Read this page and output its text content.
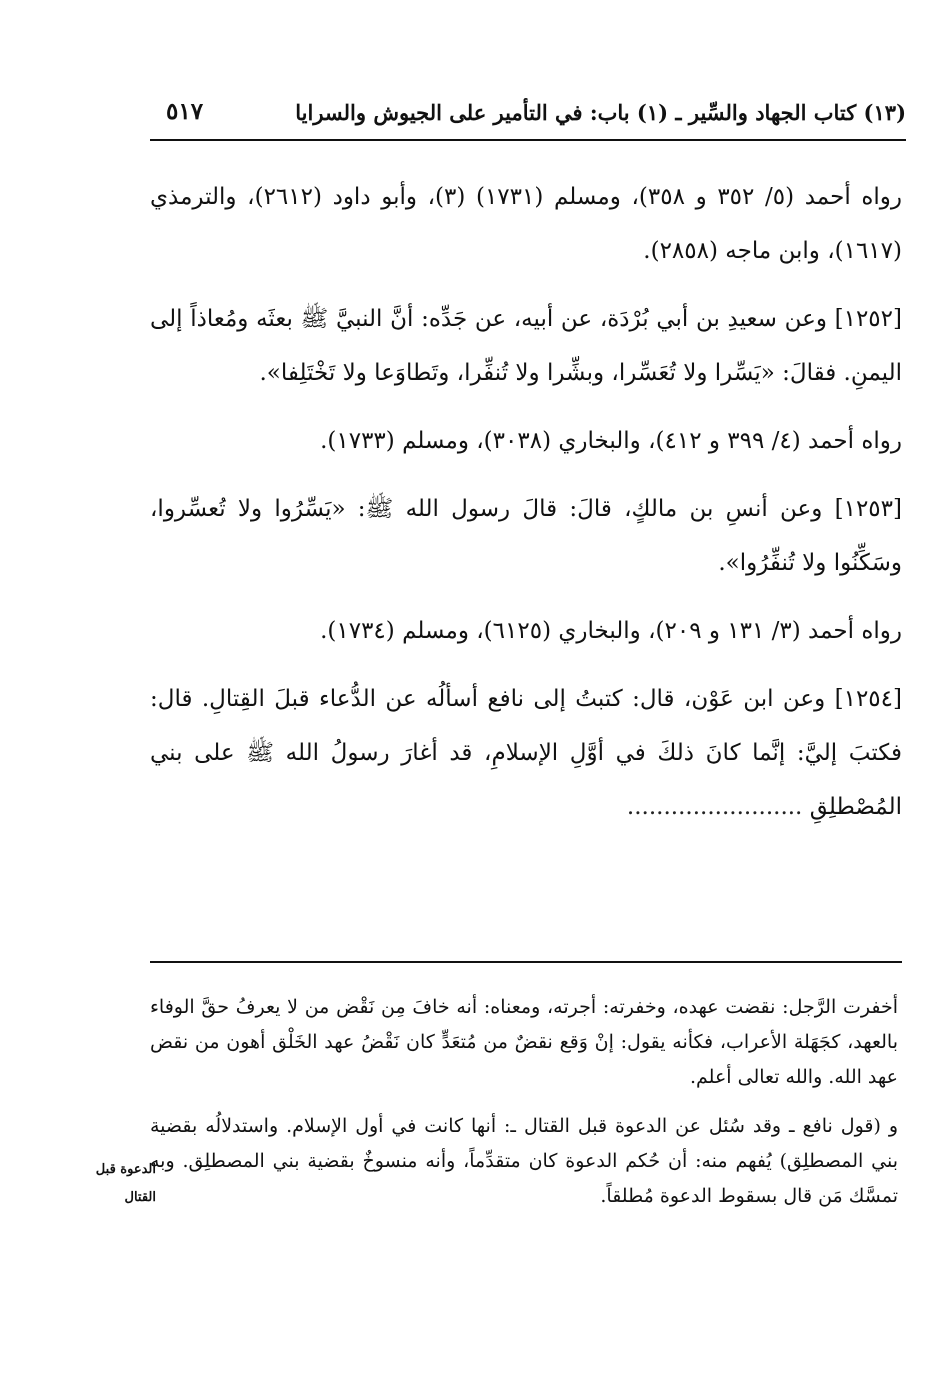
(١٣) كتاب الجهاد والسِّير ـ (١) باب: في التأمير على الجيوش والسرايا
٥١٧

رواه أحمد (٥/ ٣٥٢ و ٣٥٨)، ومسلم (١٧٣١) (٣)، وأبو داود (٢٦١٢)، والترمذي (١٦١٧)، وابن ماجه (٢٨٥٨).

[١٢٥٢] وعن سعيدِ بن أبي بُرْدَة، عن أبيه، عن جَدِّه: أنَّ النبيَّ ﷺ بعثَه ومُعاذاً إلى اليمنِ. فقالَ: «يَسِّرا ولا تُعَسِّرا، وبشِّرا ولا تُنفِّرا، وتَطاوَعا ولا تَخْتَلِفا».

رواه أحمد (٤/ ٣٩٩ و ٤١٢)، والبخاري (٣٠٣٨)، ومسلم (١٧٣٣).

[١٢٥٣] وعن أنسِ بن مالكٍ، قالَ: قالَ رسول الله ﷺ: «يَسِّرُوا ولا تُعسِّروا، وسَكِّنُوا ولا تُنفِّرُوا».

رواه أحمد (٣/ ١٣١ و ٢٠٩)، والبخاري (٦١٢٥)، ومسلم (١٧٣٤).

[١٢٥٤] وعن ابن عَوْن، قال: كتبتُ إلى نافع أسألُه عن الدُّعاء قبلَ القِتالِ. قال: فكتبَ إليَّ: إنَّما كانَ ذلكَ في أوَّلِ الإسلامِ، قد أغارَ رسولُ الله ﷺ على بني المُصْطلِقِ ........................

أخفرت الرَّجل: نقضت عهده، وخفرته: أجرته، ومعناه: أنه خافَ مِن نَقْض من لا يعرفُ حقَّ الوفاء بالعهد، كجَهَلة الأعراب، فكأنه يقول: إنْ وَقع نقضٌ من مُتعَدٍّ كان نَقْضُ عهد الخَلْق أهون من نقض عهد الله. والله تعالى أعلم.

و (قول نافع ـ وقد سُئل عن الدعوة قبل القتال ـ: أنها كانت في أول الإسلام. واستدلالُه بقضية بني المصطلِق) يُفهم منه: أن حُكم الدعوة كان متقدِّماً، وأنه منسوخٌ بقضية بني المصطلِق. وبه تمسَّك مَن قال بسقوط الدعوة مُطلقاً.

الدعوة قبل
القتال
